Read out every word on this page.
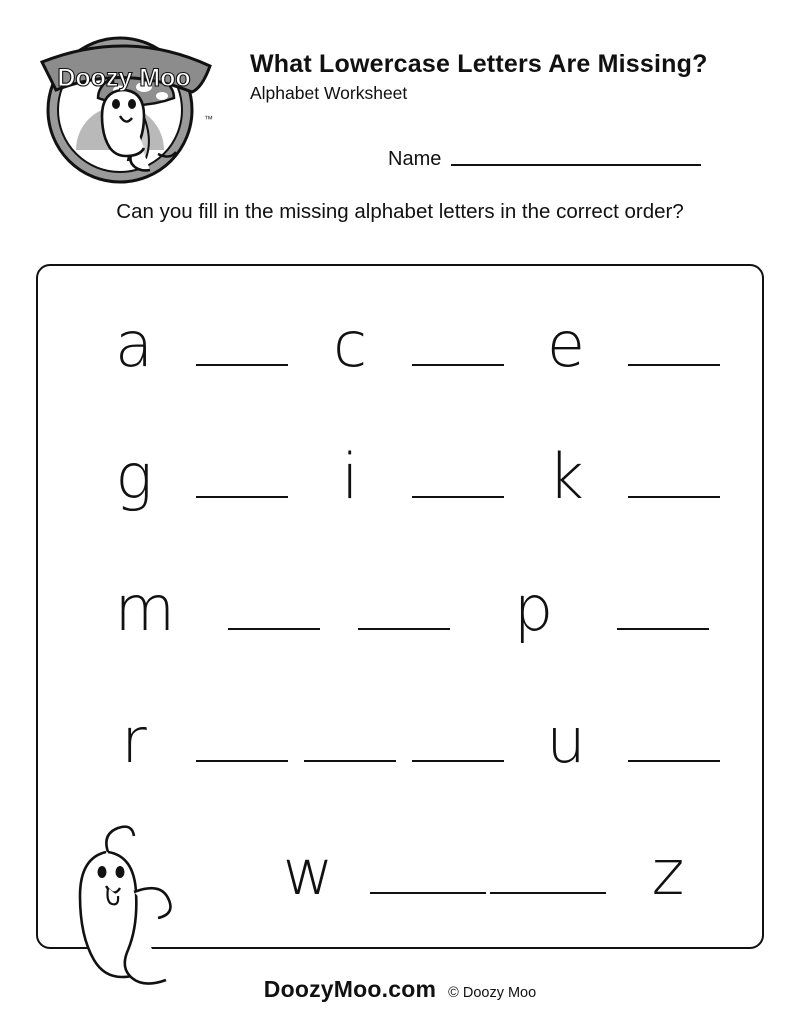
Doozy Moo
™
What Lowercase Letters Are Missing?

Alphabet Worksheet

Name
Can you fill in the missing alphabet letters in the correct order?
a	c	e
g	i	k
m	p
r	u
w	z
DoozyMoo.com © Doozy Moo
